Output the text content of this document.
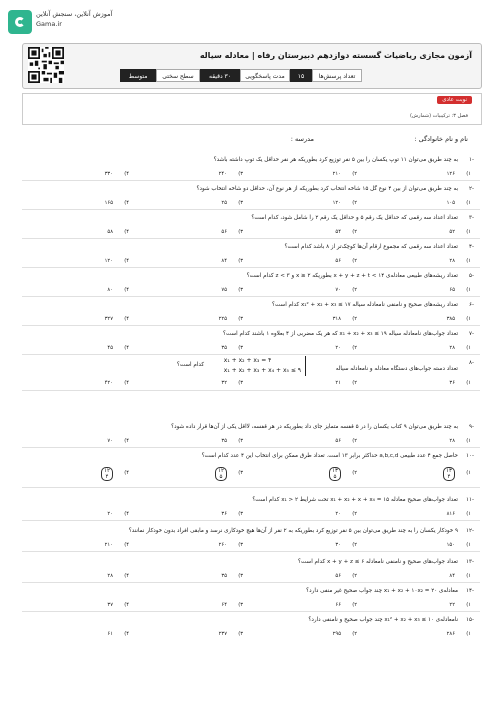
آموزش آنلاین، سنجش آنلاین
Gama.ir
آزمون مجازی ریاضیات گسسته دوازدهم دبیرستان رفاه | معادله سیاله
تعداد پرسش‌ها
۱۵
مدت پاسخگویی
۳۰ دقیقه
سطح سختی
متوسط
نوبت عادی
فصل ۳: ترکیبیات (شمارش)
نام و نام خانوادگی :
مدرسه :
-۱
به چند طریق می‌توان ۱۱ توپ یکسان را بین ۵ نفر توزیع کرد بطوریکه هر نفر حداقل یک توپ داشته باشد؟
(۱
۱۲۶
(۲
۲۱۰
(۳
۲۴۰
(۴
۳۳۰
-۲
به چند طریق می‌توان از بین ۴ نوع گل ۱۵ شاخه انتخاب کرد بطوریکه از هر نوع آن، حداقل دو شاخه انتخاب شود؟
(۱
۱۰۵
(۲
۱۲۰
(۳
۲۵
(۴
۱۶۵
-۳
تعداد اعداد سه رقمی که حداقل یک رقم ۵ و حداقل یک رقم ۲ را شامل شود، کدام است؟
(۱
۵۲
(۲
۵۴
(۳
۵۶
(۴
۵۸
-۴
تعداد اعداد سه رقمی که مجموع ارقام آن‌ها کوچک‌تر از ۸ باشد کدام است؟
(۱
۲۸
(۲
۵۶
(۳
۸۴
(۴
۱۲۰
-۵
تعداد ریشه‌های طبیعی معادله‌ی ۱۴ > x + y + z + t بطوریکه x ≥ ۲ و z < ۳ کدام است؟
(۱
۶۵
(۲
۷۰
(۳
۷۵
(۴
۸۰
-۶
تعداد ریشه‌های صحیح و نامنفی نامعادله سیاله ۱۷ ≥ x₁² + x₂ + x₃ کدام است؟
(۱
۳۸۵
(۲
۳۱۸
(۳
۲۲۵
(۴
۳۲۷
-۷
تعداد جواب‌های نامعادله سیاله ۱۹ ≥ x₁ + x₂ + x₃ که هر یک مضربی از ۴ بعلاوه ۱ باشند کدام است؟
(۱
۲۸
(۲
۲۰
(۳
۳۵
(۴
۴۵
-۸
تعداد دسته جواب‌های دستگاه معادله و نامعادله سیاله
x₁ + x₂ + x₃ = ۴
x₁ + x₂ + x₃ + x₄ + x₅ ≤ ۹
کدام است؟
(۱
۳۶
(۲
۲۱
(۳
۳۲
(۴
۴۲۰
-۹
به چند طریق می‌توان ۹ کتاب یکسان را در ۵ قفسه متمایز جای داد بطوریکه در هر قفسه، لااقل یکی از آن‌ها قرار داده شود؟
(۱
۲۸
(۲
۵۶
(۳
۳۵
(۴
۷۰
-۱۰
حاصل جمع ۴ عدد طبیعی a,b,c,d حداکثر برابر ۱۳ است. تعداد طرق ممکن برای انتخاب این ۴ عدد کدام است؟
(۱
۱۳
۴
(۲
۱۳
۵
(۳
۱۲
۵
(۴
۱۲
۴
-۱۱
تعداد جواب‌های صحیح معادله ۱۵ = x₁ + x₂ + x + x₄ تحت شرایط x₁ > ۲ کدام است؟
(۱
۸۱۶
(۲
۲۰
(۳
۳۶
(۴
۲۰
-۱۲
۹ خودکار یکسان را به چند طریق می‌توان بین ۵ نفر توزیع کرد بطوریکه به ۲ نفر از آن‌ها هیچ خودکاری نرسد و مابقی افراد بدون خودکار نمانند؟
(۱
۱۵۰
(۲
۳۰
(۳
۲۶۰
(۴
۲۱۰
-۱۳
تعداد جواب‌های صحیح و نامنفی نامعادله x + y + z ≤ ۶ کدام است؟
(۱
۸۴
(۲
۵۶
(۳
۳۵
(۴
۲۸
-۱۴
معادله‌ی x₁ + x₂ + ۱۰x₂ = ۲۰ چند جواب صحیح غیر منفی دارد؟
(۱
۲۲
(۲
۶۶
(۳
۶۴
(۴
۳۷
-۱۵
نامعادله‌ی x₁² + x₂ + x₃ ≤ ۱۰ چند جواب صحیح و نامنفی دارد؟
(۱
۲۸۶
(۲
۲۹۵
(۳
۲۳۷
(۴
۶۱
